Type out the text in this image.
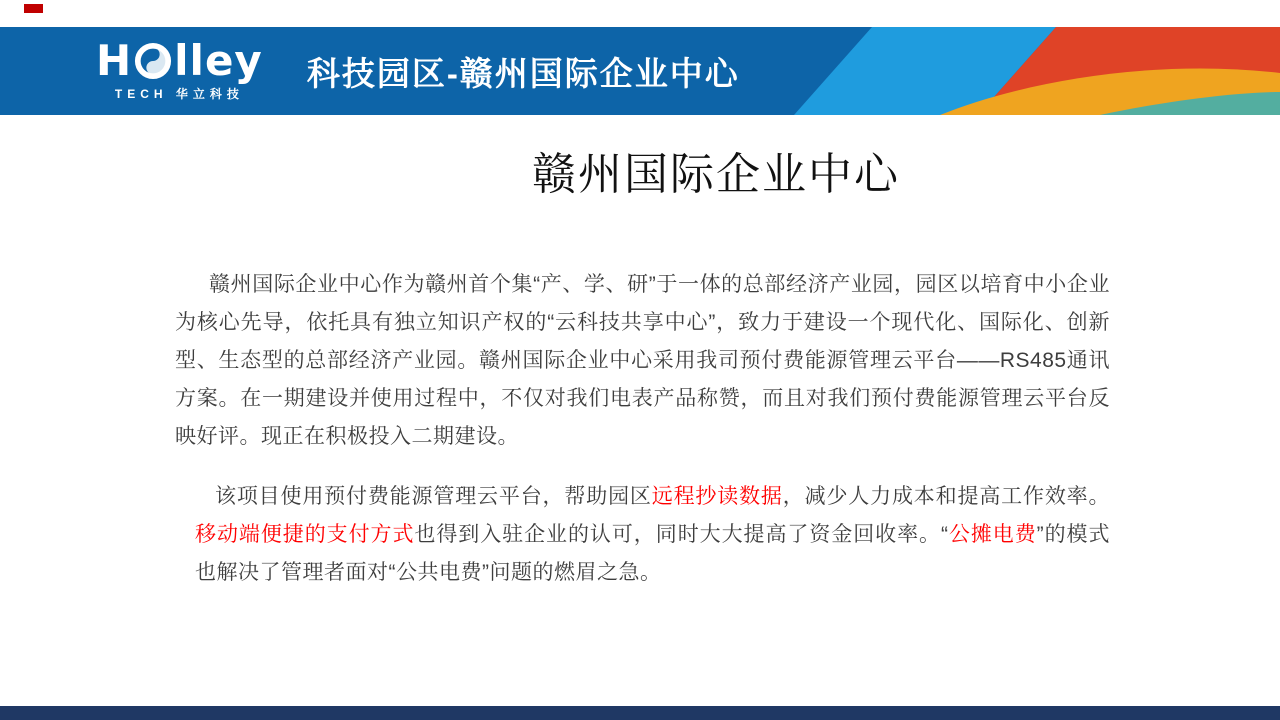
H lley
TECH 华立科技
科技园区-赣州国际企业中心
赣州国际企业中心
赣州国际企业中心作为赣州首个集“产、学、研”于一体的总部经济产业园，园区以培育中小企业为核心先导，依托具有独立知识产权的“云科技共享中心”，致力于建设一个现代化、国际化、创新型、生态型的总部经济产业园。赣州国际企业中心采用我司预付费能源管理云平台——RS485通讯方案。在一期建设并使用过程中，不仅对我们电表产品称赞，而且对我们预付费能源管理云平台反映好评。现正在积极投入二期建设。
该项目使用预付费能源管理云平台，帮助园区远程抄读数据，减少人力成本和提高工作效率。移动端便捷的支付方式也得到入驻企业的认可，同时大大提高了资金回收率。“公摊电费”的模式也解决了管理者面对“公共电费”问题的燃眉之急。
